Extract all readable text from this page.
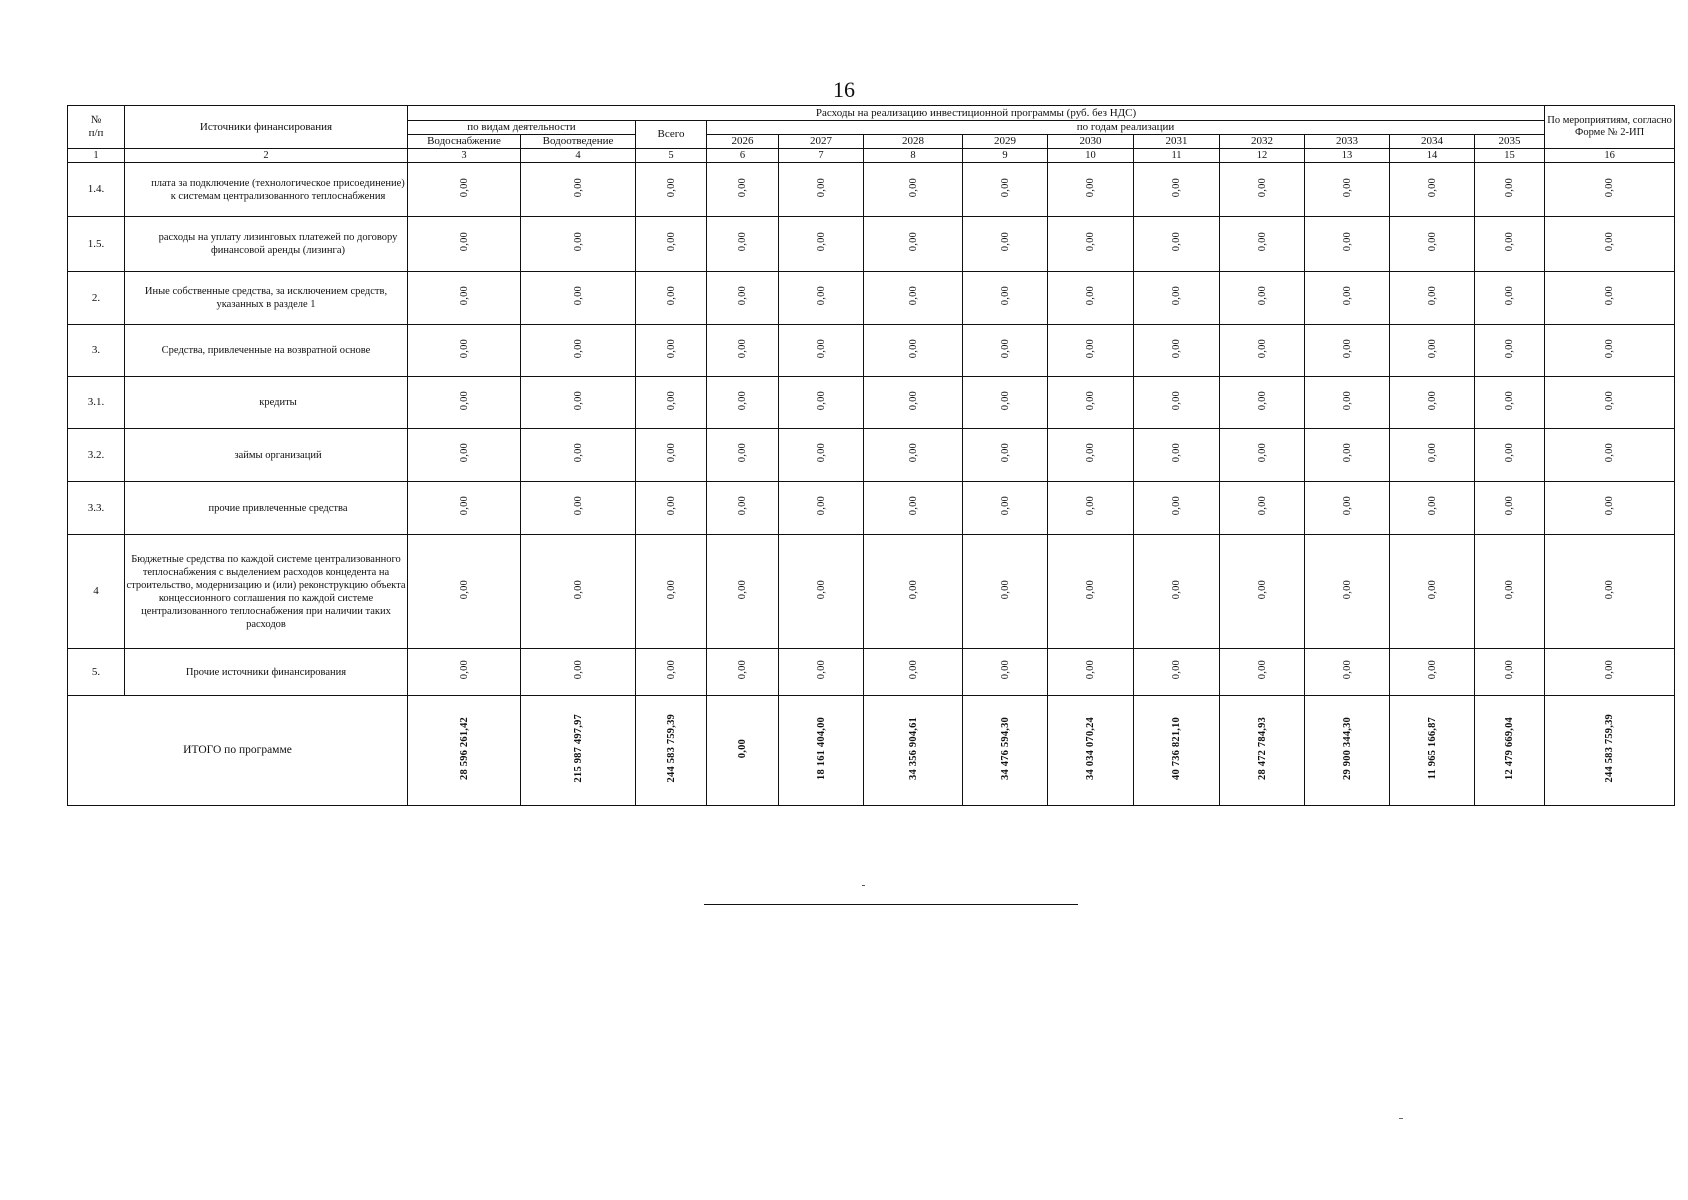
16
№
п/п	Источники финансирования	Расходы на реализацию инвестиционной программы (руб. без НДС)													По мероприятиям, согласно Форме № 2-ИП
		по видам деятельности		Всего	по годам реализации										
		Водоснабжение	Водоотведение		2026	2027	2028	2029	2030	2031	2032	2033	2034	2035	
1	2	3	4	5	6	7	8	9	10	11	12	13	14	15	16
1.4.	плата за подключение (технологическое присоединение) к системам централизованного теплоснабжения	0,00	0,00	0,00	0,00	0,00	0,00	0,00	0,00	0,00	0,00	0,00	0,00	0,00	0,00
1.5.	расходы на уплату лизинговых платежей по договору финансовой аренды (лизинга)	0,00	0,00	0,00	0,00	0,00	0,00	0,00	0,00	0,00	0,00	0,00	0,00	0,00	0,00
2.	Иные собственные средства, за исключением средств, указанных в разделе 1	0,00	0,00	0,00	0,00	0,00	0,00	0,00	0,00	0,00	0,00	0,00	0,00	0,00	0,00
3.	Средства, привлеченные на возвратной основе	0,00	0,00	0,00	0,00	0,00	0,00	0,00	0,00	0,00	0,00	0,00	0,00	0,00	0,00
3.1.	кредиты	0,00	0,00	0,00	0,00	0,00	0,00	0,00	0,00	0,00	0,00	0,00	0,00	0,00	0,00
3.2.	займы организаций	0,00	0,00	0,00	0,00	0,00	0,00	0,00	0,00	0,00	0,00	0,00	0,00	0,00	0,00
3.3.	прочие привлеченные средства	0,00	0,00	0,00	0,00	0,00	0,00	0,00	0,00	0,00	0,00	0,00	0,00	0,00	0,00
4	Бюджетные средства по каждой системе централизованного теплоснабжения с выделением расходов концедента на строительство, модернизацию и (или) реконструкцию объекта концессионного соглашения по каждой системе централизованного теплоснабжения при наличии таких расходов	0,00	0,00	0,00	0,00	0,00	0,00	0,00	0,00	0,00	0,00	0,00	0,00	0,00	0,00
5.	Прочие источники финансирования	0,00	0,00	0,00	0,00	0,00	0,00	0,00	0,00	0,00	0,00	0,00	0,00	0,00	0,00
ИТОГО по программе		28 596 261,42	215 987 497,97	244 583 759,39	0,00	18 161 404,00	34 356 904,61	34 476 594,30	34 034 070,24	40 736 821,10	28 472 784,93	29 900 344,30	11 965 166,87	12 479 669,04	244 583 759,39
